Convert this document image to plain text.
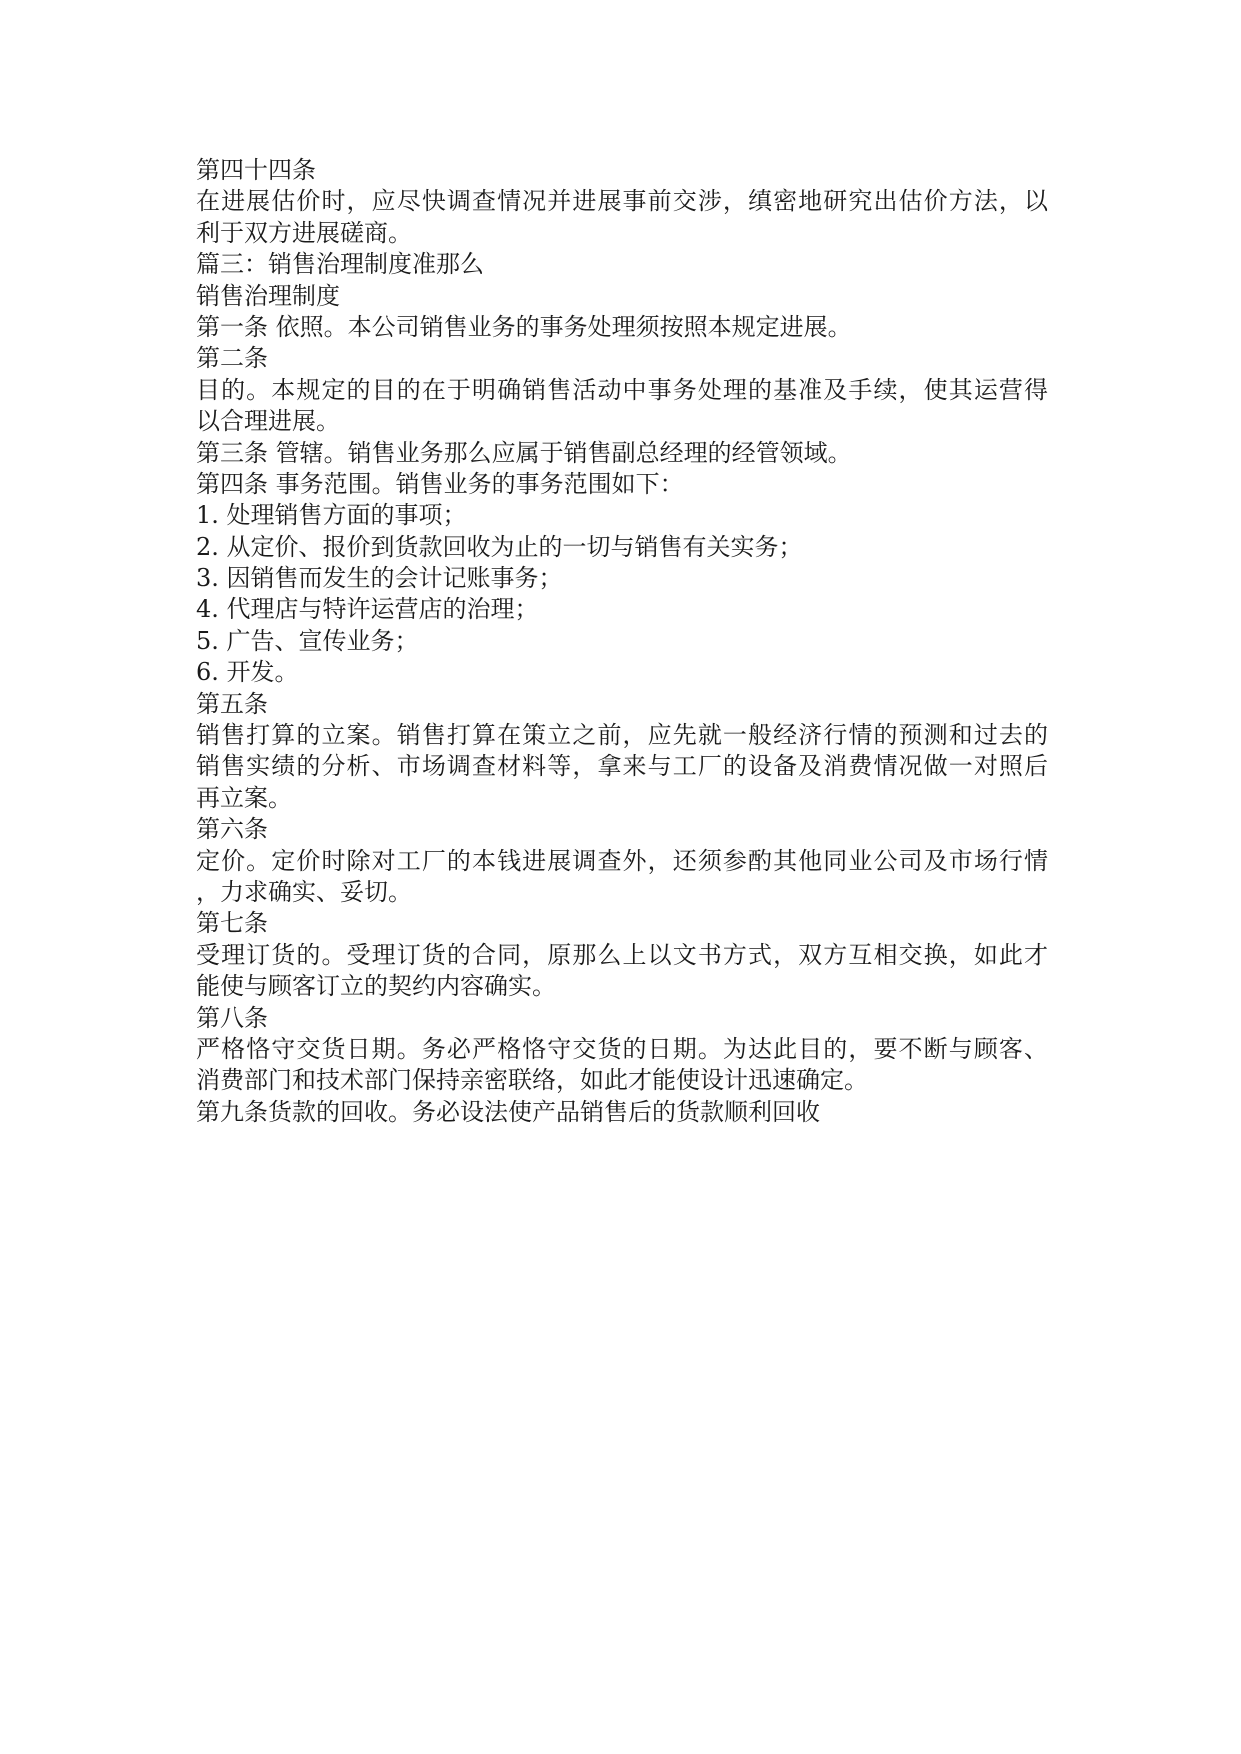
第四十四条
在进展估价时，应尽快调查情况并进展事前交涉，缜密地研究出估价方法，以
利于双方进展磋商。
篇三：销售治理制度准那么
销售治理制度
第一条 依照。本公司销售业务的事务处理须按照本规定进展。
第二条
目的。本规定的目的在于明确销售活动中事务处理的基准及手续，使其运营得
以合理进展。
第三条 管辖。销售业务那么应属于销售副总经理的经管领域。
第四条 事务范围。销售业务的事务范围如下：
1. 处理销售方面的事项；
2. 从定价、报价到货款回收为止的一切与销售有关实务；
3. 因销售而发生的会计记账事务；
4. 代理店与特许运营店的治理；
5. 广告、宣传业务；
6. 开发。
第五条
销售打算的立案。销售打算在策立之前，应先就一般经济行情的预测和过去的
销售实绩的分析、市场调查材料等，拿来与工厂的设备及消费情况做一对照后
再立案。
第六条
定价。定价时除对工厂的本钱进展调查外，还须参酌其他同业公司及市场行情
，力求确实、妥切。
第七条
受理订货的。受理订货的合同，原那么上以文书方式，双方互相交换，如此才
能使与顾客订立的契约内容确实。
第八条
严格恪守交货日期。务必严格恪守交货的日期。为达此目的，要不断与顾客、
消费部门和技术部门保持亲密联络，如此才能使设计迅速确定。
第九条货款的回收。务必设法使产品销售后的货款顺利回收
